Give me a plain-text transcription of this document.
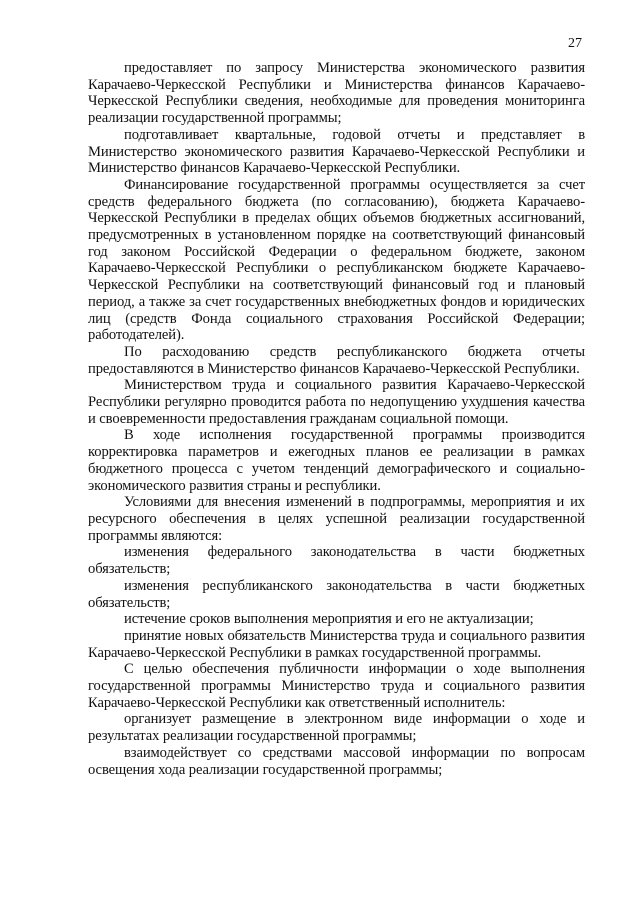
27

предоставляет по запросу Министерства экономического развития Карачаево-Черкесской Республики и Министерства финансов Карачаево-Черкесской Республики сведения, необходимые для проведения мониторинга реализации государственной программы;

подготавливает квартальные, годовой отчеты и представляет в Министерство экономического развития Карачаево-Черкесской Республики и Министерство финансов Карачаево-Черкесской Республики.

Финансирование государственной программы осуществляется за счет средств федерального бюджета (по согласованию), бюджета Карачаево-Черкесской Республики в пределах общих объемов бюджетных ассигнований, предусмотренных в установленном порядке на соответствующий финансовый год законом Российской Федерации о федеральном бюджете, законом Карачаево-Черкесской Республики о республиканском бюджете Карачаево-Черкесской Республики на соответствующий финансовый год и плановый период, а также за счет государственных внебюджетных фондов и юридических лиц (средств Фонда социального страхования Российской Федерации; работодателей).

По расходованию средств республиканского бюджета отчеты предоставляются в Министерство финансов Карачаево-Черкесской Республики.

Министерством труда и социального развития Карачаево-Черкесской Республики регулярно проводится работа по недопущению ухудшения качества и своевременности предоставления гражданам социальной помощи.

В ходе исполнения государственной программы производится корректировка параметров и ежегодных планов ее реализации в рамках бюджетного процесса с учетом тенденций демографического и социально-экономического развития страны и республики.

Условиями для внесения изменений в подпрограммы, мероприятия и их ресурсного обеспечения в целях успешной реализации государственной программы являются:

изменения федерального законодательства в части бюджетных обязательств;

изменения республиканского законодательства в части бюджетных обязательств;

истечение сроков выполнения мероприятия и его не актуализации;

принятие новых обязательств Министерства труда и социального развития Карачаево-Черкесской Республики в рамках государственной программы.

С целью обеспечения публичности информации о ходе выполнения государственной программы Министерство труда и социального развития Карачаево-Черкесской Республики как ответственный исполнитель:

организует размещение в электронном виде информации о ходе и результатах реализации государственной программы;

взаимодействует со средствами массовой информации по вопросам освещения хода реализации государственной программы;
